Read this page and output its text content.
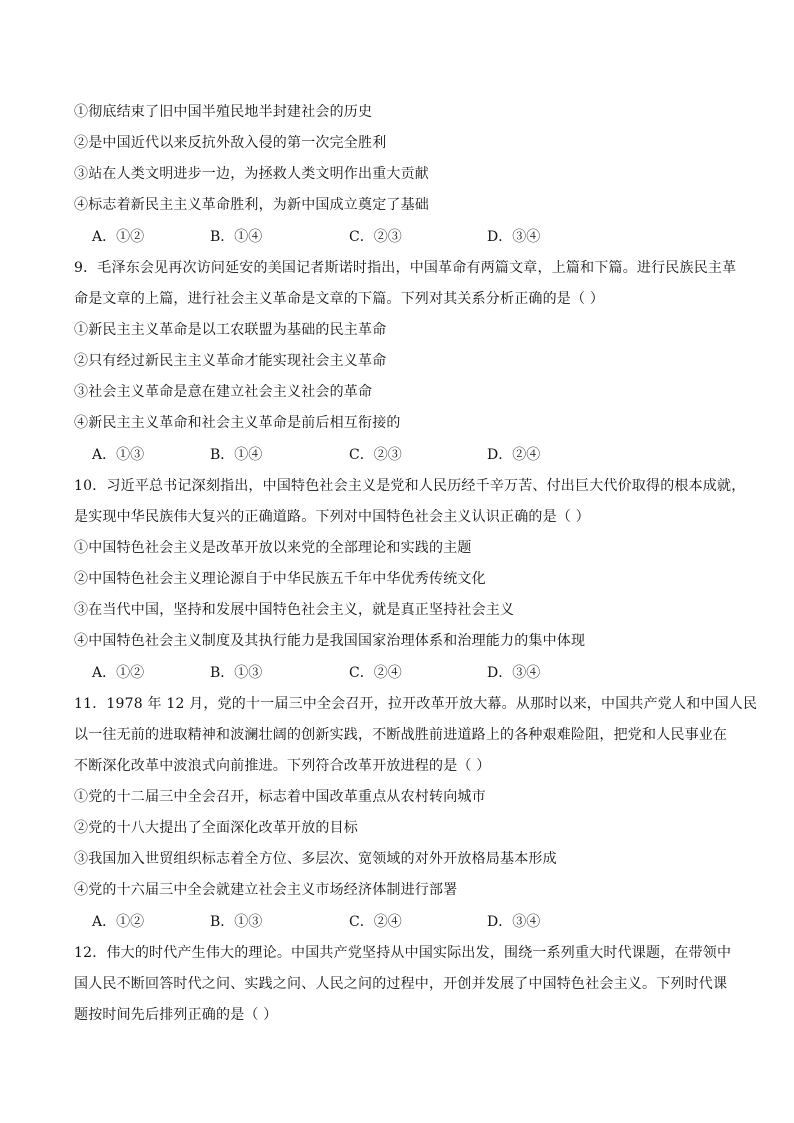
①彻底结束了旧中国半殖民地半封建社会的历史
②是中国近代以来反抗外敌入侵的第一次完全胜利
③站在人类文明进步一边，为拯救人类文明作出重大贡献
④标志着新民主主义革命胜利，为新中国成立奠定了基础
A．①②	B．①④	C．②③	D．③④
9．毛泽东会见再次访问延安的美国记者斯诺时指出，中国革命有两篇文章，上篇和下篇。进行民族民主革
命是文章的上篇，进行社会主义革命是文章的下篇。下列对其关系分析正确的是（ ）
①新民主主义革命是以工农联盟为基础的民主革命
②只有经过新民主主义革命才能实现社会主义革命
③社会主义革命是意在建立社会主义社会的革命
④新民主主义革命和社会主义革命是前后相互衔接的
A．①③	B．①④	C．②③	D．②④
10．习近平总书记深刻指出，中国特色社会主义是党和人民历经千辛万苦、付出巨大代价取得的根本成就，
是实现中华民族伟大复兴的正确道路。下列对中国特色社会主义认识正确的是（ ）
①中国特色社会主义是改革开放以来党的全部理论和实践的主题
②中国特色社会主义理论源自于中华民族五千年中华优秀传统文化
③在当代中国，坚持和发展中国特色社会主义，就是真正坚持社会主义
④中国特色社会主义制度及其执行能力是我国国家治理体系和治理能力的集中体现
A．①②	B．①③	C．②④	D．③④
11．1978 年 12 月，党的十一届三中全会召开，拉开改革开放大幕。从那时以来，中国共产党人和中国人民
以一往无前的进取精神和波澜壮阔的创新实践，不断战胜前进道路上的各种艰难险阻，把党和人民事业在
不断深化改革中波浪式向前推进。下列符合改革开放进程的是（ ）
①党的十二届三中全会召开，标志着中国改革重点从农村转向城市
②党的十八大提出了全面深化改革开放的目标
③我国加入世贸组织标志着全方位、多层次、宽领域的对外开放格局基本形成
④党的十六届三中全会就建立社会主义市场经济体制进行部署
A．①②	B．①③	C．②④	D．③④
12．伟大的时代产生伟大的理论。中国共产党坚持从中国实际出发，围绕一系列重大时代课题，在带领中
国人民不断回答时代之问、实践之问、人民之问的过程中，开创并发展了中国特色社会主义。下列时代课
题按时间先后排列正确的是（ ）
